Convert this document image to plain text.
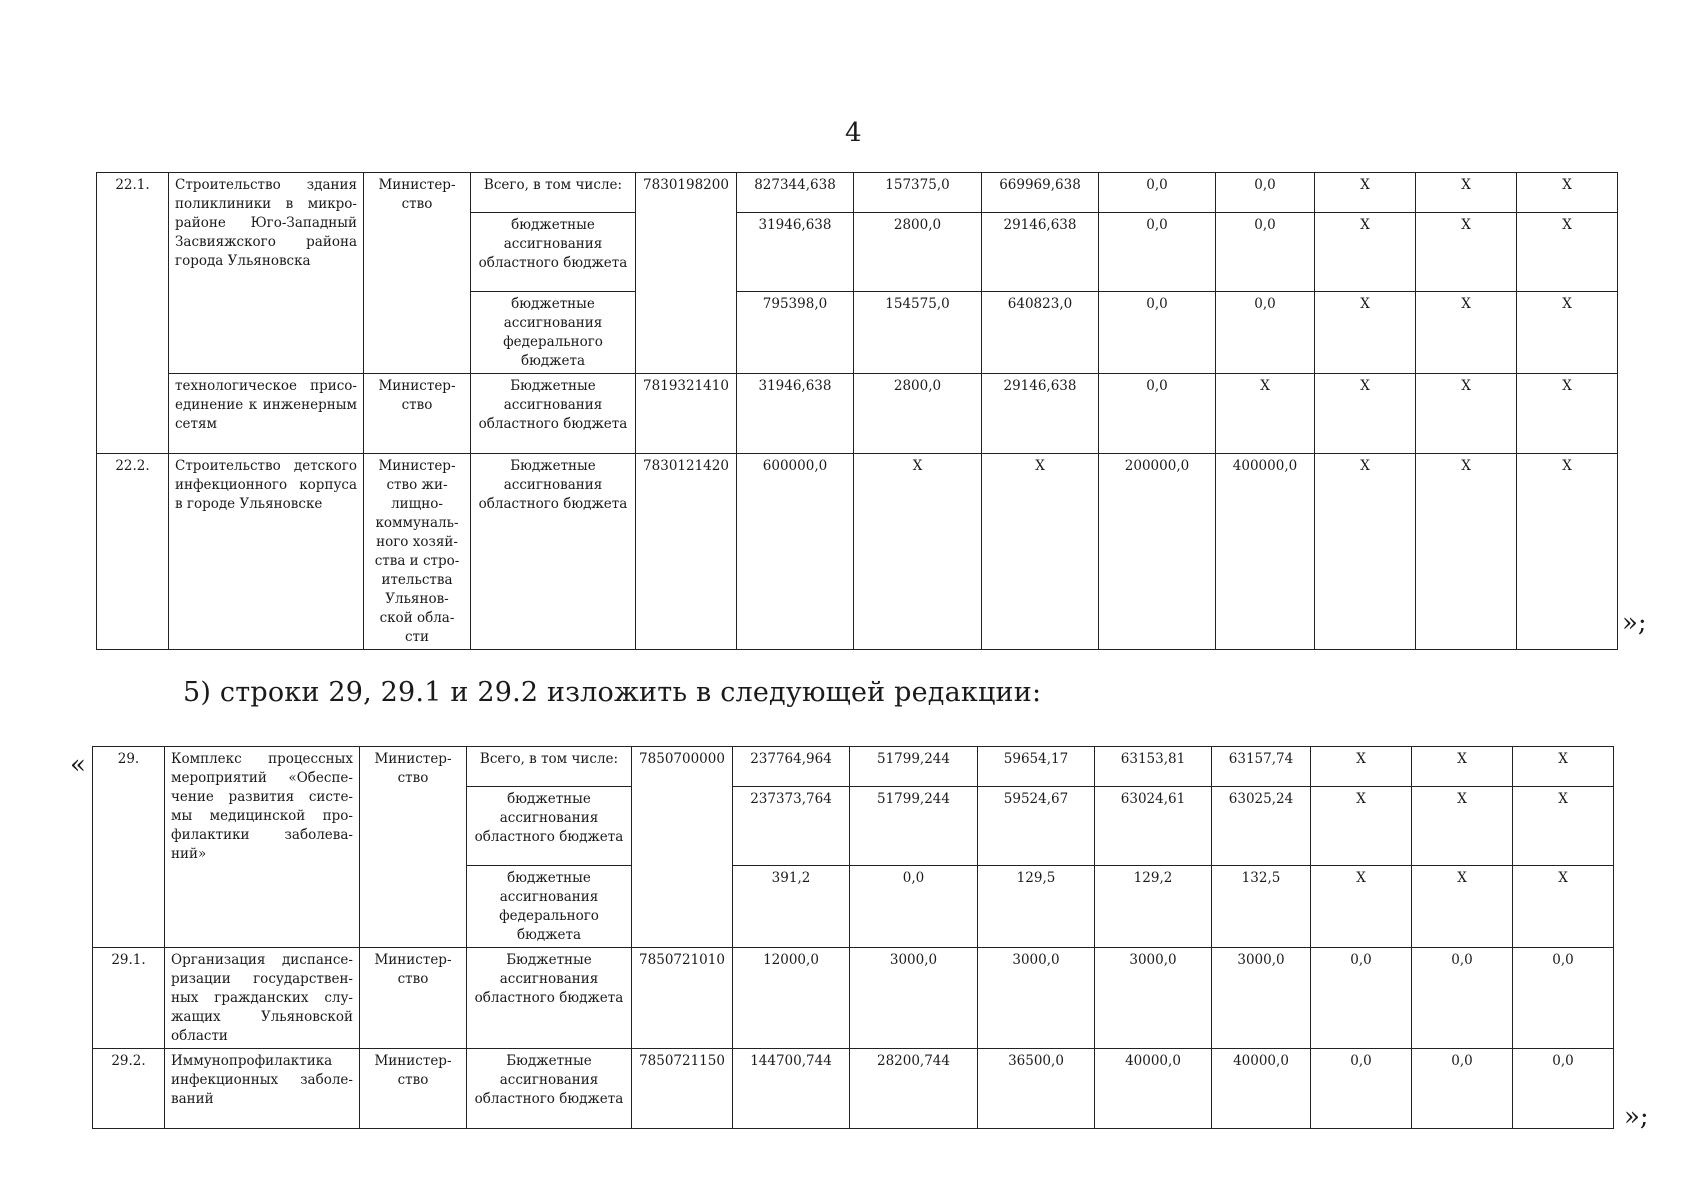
4
22.1.	Строительство здания поликлиники в микро-районе Юго-Западный Засвияжского района города Ульяновска	Министер-ство	Всего, в том числе:	7830198200	827344,638	157375,0	669969,638	0,0	0,0	X	X	X
			бюджетные ассигнования областного бюджета		31946,638	2800,0	29146,638	0,0	0,0	X	X	X
			бюджетные ассигнования федерального бюджета		795398,0	154575,0	640823,0	0,0	0,0	X	X	X
	технологическое присо-единение к инженерным сетям	Министер-ство	Бюджетные ассигнования областного бюджета	7819321410	31946,638	2800,0	29146,638	0,0	X	X	X	X
22.2.	Строительство детского инфекционного корпуса в городе Ульяновске	Министер-ство жи-лищно-коммуналь-ного хозяй-ства и стро-ительства Ульянов-ской обла-сти	Бюджетные ассигнования областного бюджета	7830121420	600000,0	X	X	200000,0	400000,0	X	X	X
»;
5) строки 29, 29.1 и 29.2 изложить в следующей редакции:
« 29.	Комплекс процессных мероприятий «Обеспе-чение развития систе-мы медицинской про-филактики заболева-ний»	Министер-ство	Всего, в том числе:	7850700000	237764,964	51799,244	59654,17	63153,81	63157,74	X	X	X
			бюджетные ассигнования областного бюджета		237373,764	51799,244	59524,67	63024,61	63025,24	X	X	X
			бюджетные ассигнования федерального бюджета		391,2	0,0	129,5	129,2	132,5	X	X	X
29.1.	Организация диспансе-ризации государствен-ных гражданских слу-жащих Ульяновской области	Министер-ство	Бюджетные ассигнования областного бюджета	7850721010	12000,0	3000,0	3000,0	3000,0	3000,0	0,0	0,0	0,0
29.2.	Иммунопрофилактика инфекционных заболе-ваний	Министер-ство	Бюджетные ассигнования областного бюджета	7850721150	144700,744	28200,744	36500,0	40000,0	40000,0	0,0	0,0	0,0
»;
